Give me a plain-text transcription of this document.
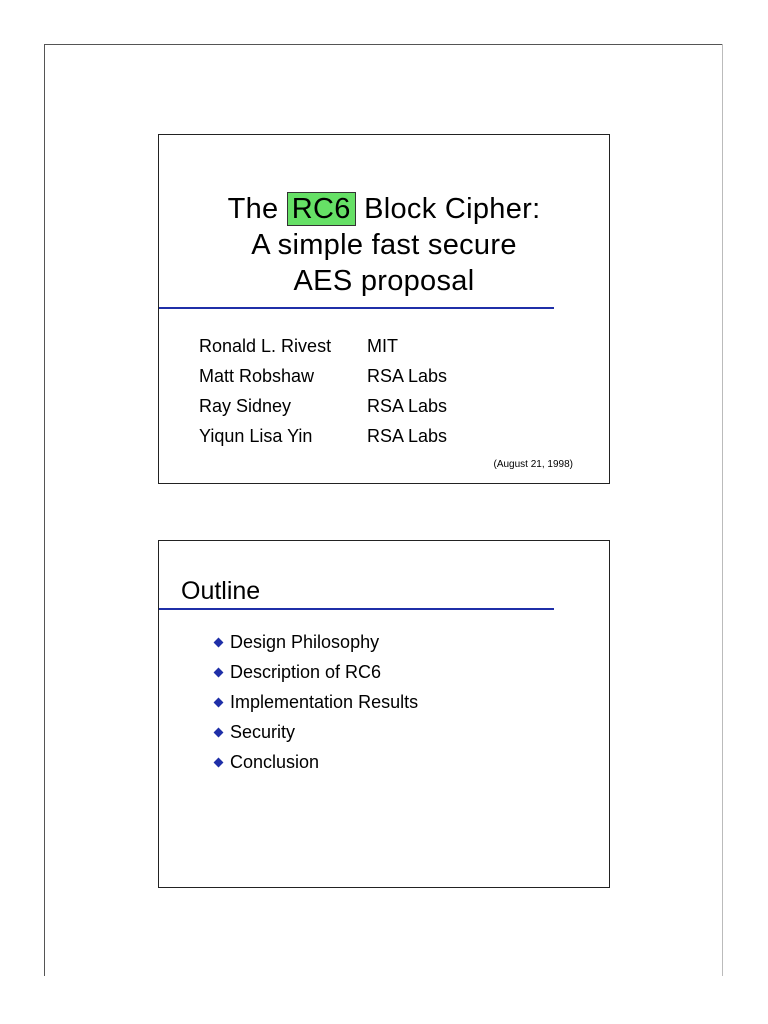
The RC6 Block Cipher:
A simple fast secure
AES proposal
Ronald L. Rivest	MIT
Matt Robshaw	RSA Labs
Ray Sidney	RSA Labs
Yiqun Lisa Yin	RSA Labs
(August 21, 1998)
Outline
Design Philosophy
Description of RC6
Implementation Results
Security
Conclusion
